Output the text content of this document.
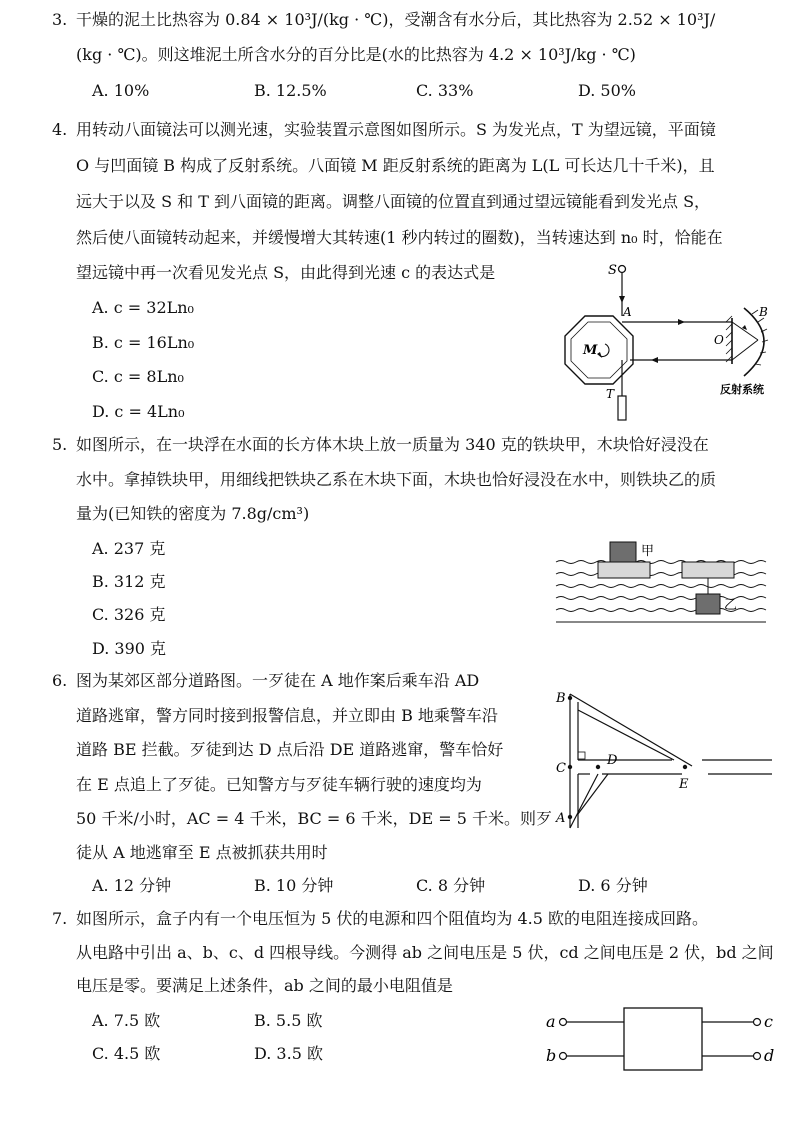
3. 干燥的泥土比热容为 0.84 × 10³J/(kg · ℃)，受潮含有水分后，其比热容为 2.52 × 10³J/
(kg · ℃)。则这堆泥土所含水分的百分比是(水的比热容为 4.2 × 10³J/kg · ℃)
A. 10%	B. 12.5%	C. 33%	D. 50%
4. 用转动八面镜法可以测光速，实验装置示意图如图所示。S 为发光点，T 为望远镜，平面镜
O 与凹面镜 B 构成了反射系统。八面镜 M 距反射系统的距离为 L(L 可长达几十千米)，且
远大于以及 S 和 T 到八面镜的距离。调整八面镜的位置直到通过望远镜能看到发光点 S，
然后使八面镜转动起来，并缓慢增大其转速(1 秒内转过的圈数)，当转速达到 n₀ 时，恰能在
望远镜中再一次看见发光点 S，由此得到光速 c 的表达式是
A. c = 32Ln₀
B. c = 16Ln₀
C. c = 8Ln₀
D. c = 4Ln₀
S
M
A
O
B
反射系统
T
5. 如图所示，在一块浮在水面的长方体木块上放一质量为 340 克的铁块甲，木块恰好浸没在
水中。拿掉铁块甲，用细线把铁块乙系在木块下面，木块也恰好浸没在水中，则铁块乙的质
量为(已知铁的密度为 7.8g/cm³)
A. 237 克
B. 312 克
C. 326 克
D. 390 克
甲
乙
6. 图为某郊区部分道路图。一歹徒在 A 地作案后乘车沿 AD
道路逃窜，警方同时接到报警信息，并立即由 B 地乘警车沿
道路 BE 拦截。歹徒到达 D 点后沿 DE 道路逃窜，警车恰好
在 E 点追上了歹徒。已知警方与歹徒车辆行驶的速度均为
50 千米/小时，AC = 4 千米，BC = 6 千米，DE = 5 千米。则歹
徒从 A 地逃窜至 E 点被抓获共用时
A. 12 分钟	B. 10 分钟	C. 8 分钟	D. 6 分钟
B
C
D
E
A
7. 如图所示，盒子内有一个电压恒为 5 伏的电源和四个阻值均为 4.5 欧的电阻连接成回路。
从电路中引出 a、b、c、d 四根导线。今测得 ab 之间电压是 5 伏，cd 之间电压是 2 伏，bd 之间
电压是零。要满足上述条件，ab 之间的最小电阻值是
A. 7.5 欧	B. 5.5 欧
C. 4.5 欧	D. 3.5 欧
a
b
c
d
